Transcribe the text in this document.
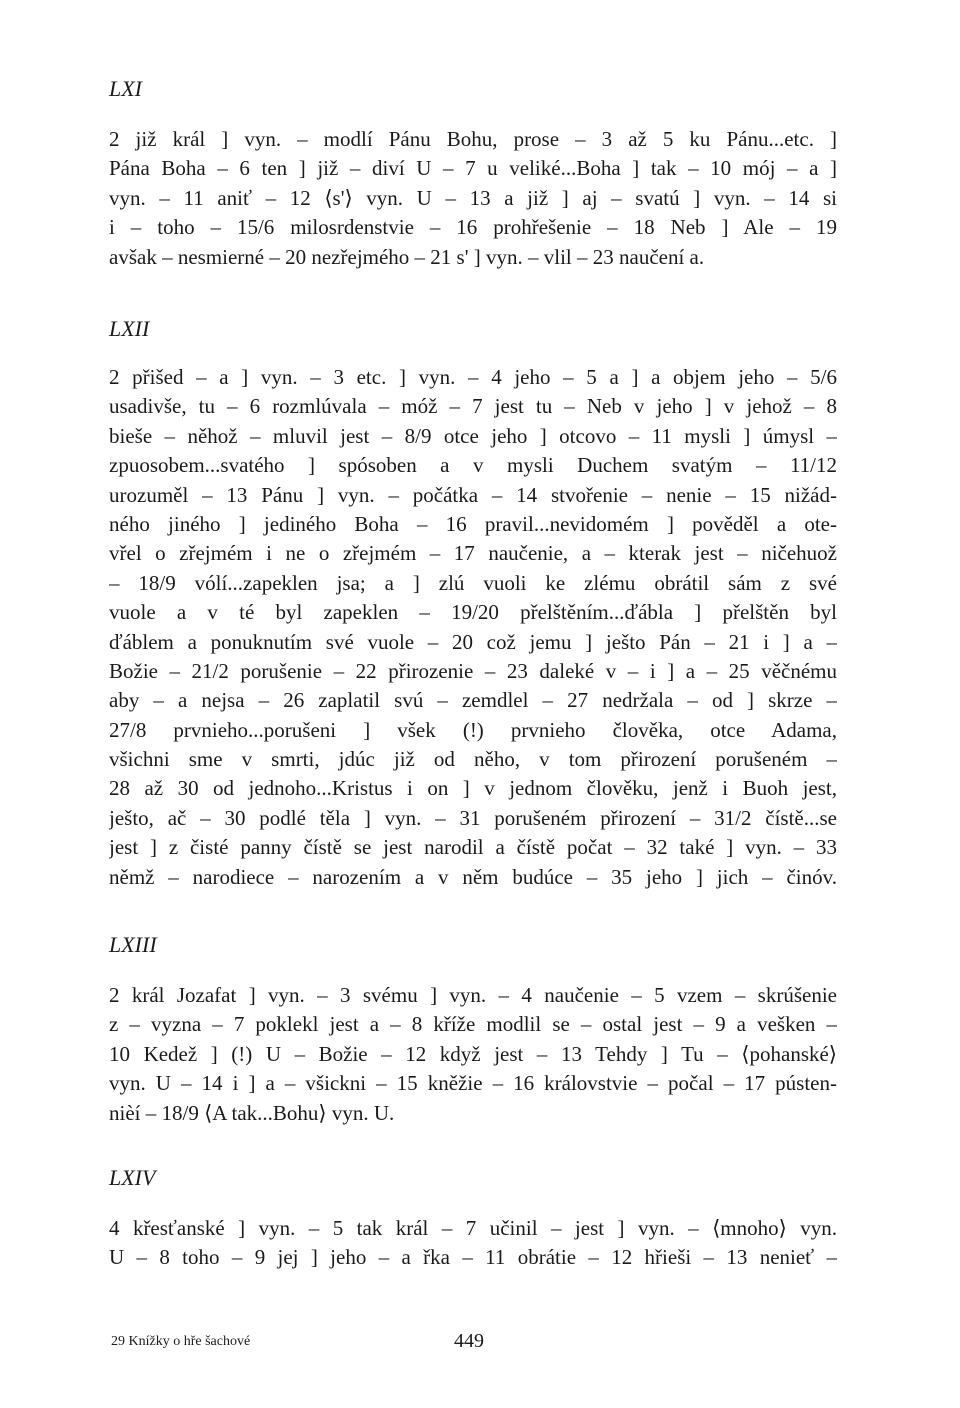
LXI
2 již král ] vyn. – modlí Pánu Bohu, prose – 3 až 5 ku Pánu...etc. ]
Pána Boha – 6 ten ] již – diví U – 7 u veliké...Boha ] tak – 10 mój – a ]
vyn. – 11 aniť – 12 ⟨s'⟩ vyn. U – 13 a již ] aj – svatú ] vyn. – 14 si
i – toho – 15/6 milosrdenstvie – 16 prohřešenie – 18 Neb ] Ale – 19
avšak – nesmierné – 20 nezřejmého – 21 s' ] vyn. – vlil – 23 naučení a.
LXII
2 přišed – a ] vyn. – 3 etc. ] vyn. – 4 jeho – 5 a ] a objem jeho – 5/6
usadivše, tu – 6 rozmlúvala – móž – 7 jest tu – Neb v jeho ] v jehož – 8
bieše – něhož – mluvil jest – 8/9 otce jeho ] otcovo – 11 mysli ] úmysl –
zpuosobem...svatého ] spósoben a v mysli Duchem svatým – 11/12
urozuměl – 13 Pánu ] vyn. – počátka – 14 stvořenie – nenie – 15 nižád-
ného jiného ] jediného Boha – 16 pravil...nevidomém ] pověděl a ote-
vřel o zřejmém i ne o zřejmém – 17 naučenie, a – kterak jest – ničehuož
– 18/9 vólí...zapeklen jsa; a ] zlú vuoli ke zlému obrátil sám z své
vuole a v té byl zapeklen – 19/20 přelštěním...ďábla ] přelštěn byl
ďáblem a ponuknutím své vuole – 20 což jemu ] ješto Pán – 21 i ] a –
Božie – 21/2 porušenie – 22 přirozenie – 23 daleké v – i ] a – 25 věčnému
aby – a nejsa – 26 zaplatil svú – zemdlel – 27 nedržala – od ] skrze –
27/8 prvnieho...porušeni ] všek (!) prvnieho člověka, otce Adama,
všichni sme v smrti, jdúc již od něho, v tom přirození porušeném –
28 až 30 od jednoho...Kristus i on ] v jednom člověku, jenž i Buoh jest,
ješto, ač – 30 podlé těla ] vyn. – 31 porušeném přirození – 31/2 čístě...se
jest ] z čisté panny čístě se jest narodil a čístě počat – 32 také ] vyn. – 33
němž – narodiece – narozením a v něm budúce – 35 jeho ] jich – činóv.
LXIII
2 král Jozafat ] vyn. – 3 svému ] vyn. – 4 naučenie – 5 vzem – skrúšenie
z – vyzna – 7 poklekl jest a – 8 kříže modlil se – ostal jest – 9 a vešken –
10 Kedež ] (!) U – Božie – 12 když jest – 13 Tehdy ] Tu – ⟨pohanské⟩
vyn. U – 14 i ] a – všickni – 15 kněžie – 16 královstvie – počal – 17 pústen-
nièí – 18/9 ⟨A tak...Bohu⟩ vyn. U.
LXIV
4 křesťanské ] vyn. – 5 tak král – 7 učinil – jest ] vyn. – ⟨mnoho⟩ vyn.
U – 8 toho – 9 jej ] jeho – a řka – 11 obrátie – 12 hřieši – 13 nenieť –
29 Knížky o hře šachové	449
